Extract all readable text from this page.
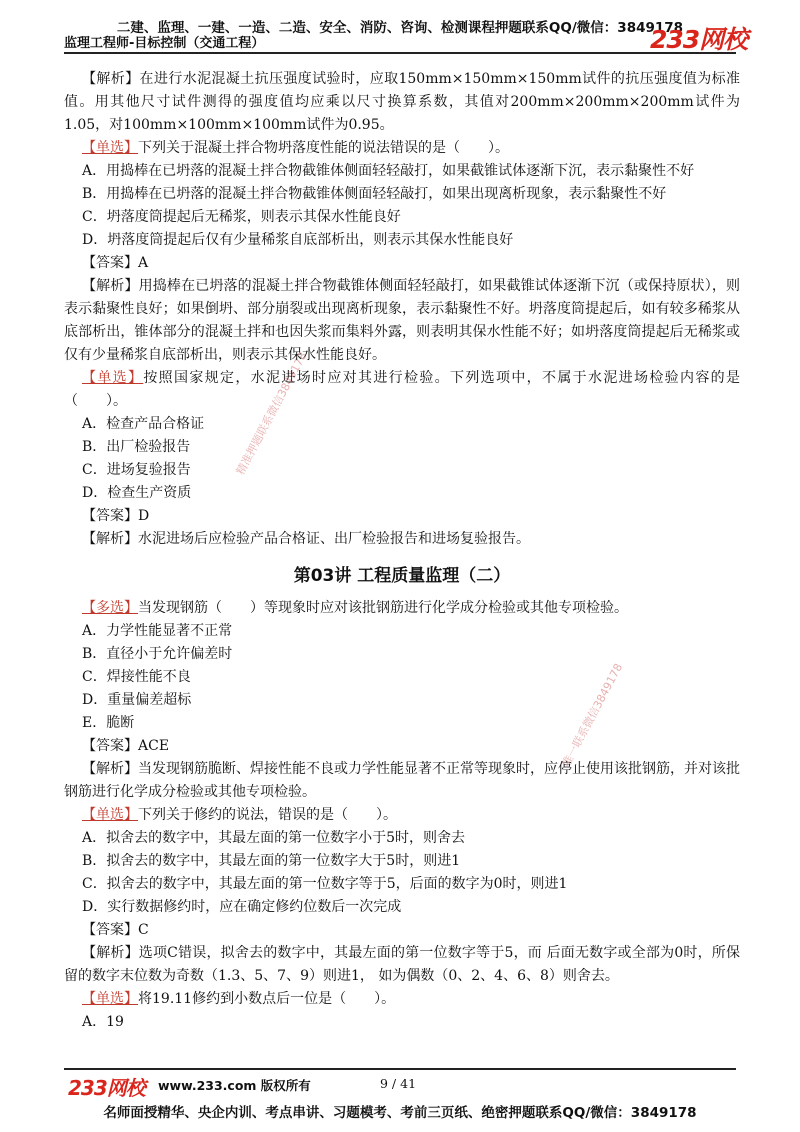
二建、监理、一建、一造、二造、安全、消防、咨询、检测课程押题联系QQ/微信：3849178
监理工程师-目标控制（交通工程）	233网校
精准押题联系微信3849178
唯一联系微信3849178

【解析】在进行水泥混凝土抗压强度试验时，应取150mm×150mm×150mm试件的抗压强度值为标准值。用其他尺寸试件测得的强度值均应乘以尺寸换算系数，其值对200mm×200mm×200mm试件为1.05，对100mm×100mm×100mm试件为0.95。

【单选】下列关于混凝土拌合物坍落度性能的说法错误的是（　　）。

A．用捣棒在已坍落的混凝土拌合物截锥体侧面轻轻敲打，如果截锥试体逐渐下沉，表示黏聚性不好

B．用捣棒在已坍落的混凝土拌合物截锥体侧面轻轻敲打，如果出现离析现象，表示黏聚性不好

C．坍落度筒提起后无稀浆，则表示其保水性能良好

D．坍落度筒提起后仅有少量稀浆自底部析出，则表示其保水性能良好

【答案】A

【解析】用捣棒在已坍落的混凝土拌合物截锥体侧面轻轻敲打，如果截锥试体逐渐下沉（或保持原状），则表示黏聚性良好；如果倒坍、部分崩裂或出现离析现象，表示黏聚性不好。坍落度筒提起后，如有较多稀浆从底部析出，锥体部分的混凝土拌和也因失浆而集料外露，则表明其保水性能不好；如坍落度筒提起后无稀浆或仅有少量稀浆自底部析出，则表示其保水性能良好。

【单选】按照国家规定，水泥进场时应对其进行检验。下列选项中，不属于水泥进场检验内容的是（　　）。

A．检查产品合格证

B．出厂检验报告

C．进场复验报告

D．检查生产资质

【答案】D

【解析】水泥进场后应检验产品合格证、出厂检验报告和进场复验报告。

第03讲 工程质量监理（二）

【多选】当发现钢筋（　　）等现象时应对该批钢筋进行化学成分检验或其他专项检验。

A．力学性能显著不正常

B．直径小于允许偏差时

C．焊接性能不良

D．重量偏差超标

E．脆断

【答案】ACE

【解析】当发现钢筋脆断、焊接性能不良或力学性能显著不正常等现象时，应停止使用该批钢筋，并对该批钢筋进行化学成分检验或其他专项检验。

【单选】下列关于修约的说法，错误的是（　　）。

A．拟舍去的数字中，其最左面的第一位数字小于5时，则舍去

B．拟舍去的数字中，其最左面的第一位数字大于5时，则进1

C．拟舍去的数字中，其最左面的第一位数字等于5，后面的数字为0时，则进1

D．实行数据修约时，应在确定修约位数后一次完成

【答案】C

【解析】选项C错误，拟舍去的数字中，其最左面的第一位数字等于5，而 后面无数字或全部为0时，所保留的数字末位数为奇数（1.3、5、7、9）则进1， 如为偶数（0、2、4、6、8）则舍去。

【单选】将19.11修约到小数点后一位是（　　）。

A．19

233网校 www.233.com 版权所有	9 / 41
名师面授精华、央企内训、考点串讲、习题模考、考前三页纸、绝密押题联系QQ/微信：3849178
